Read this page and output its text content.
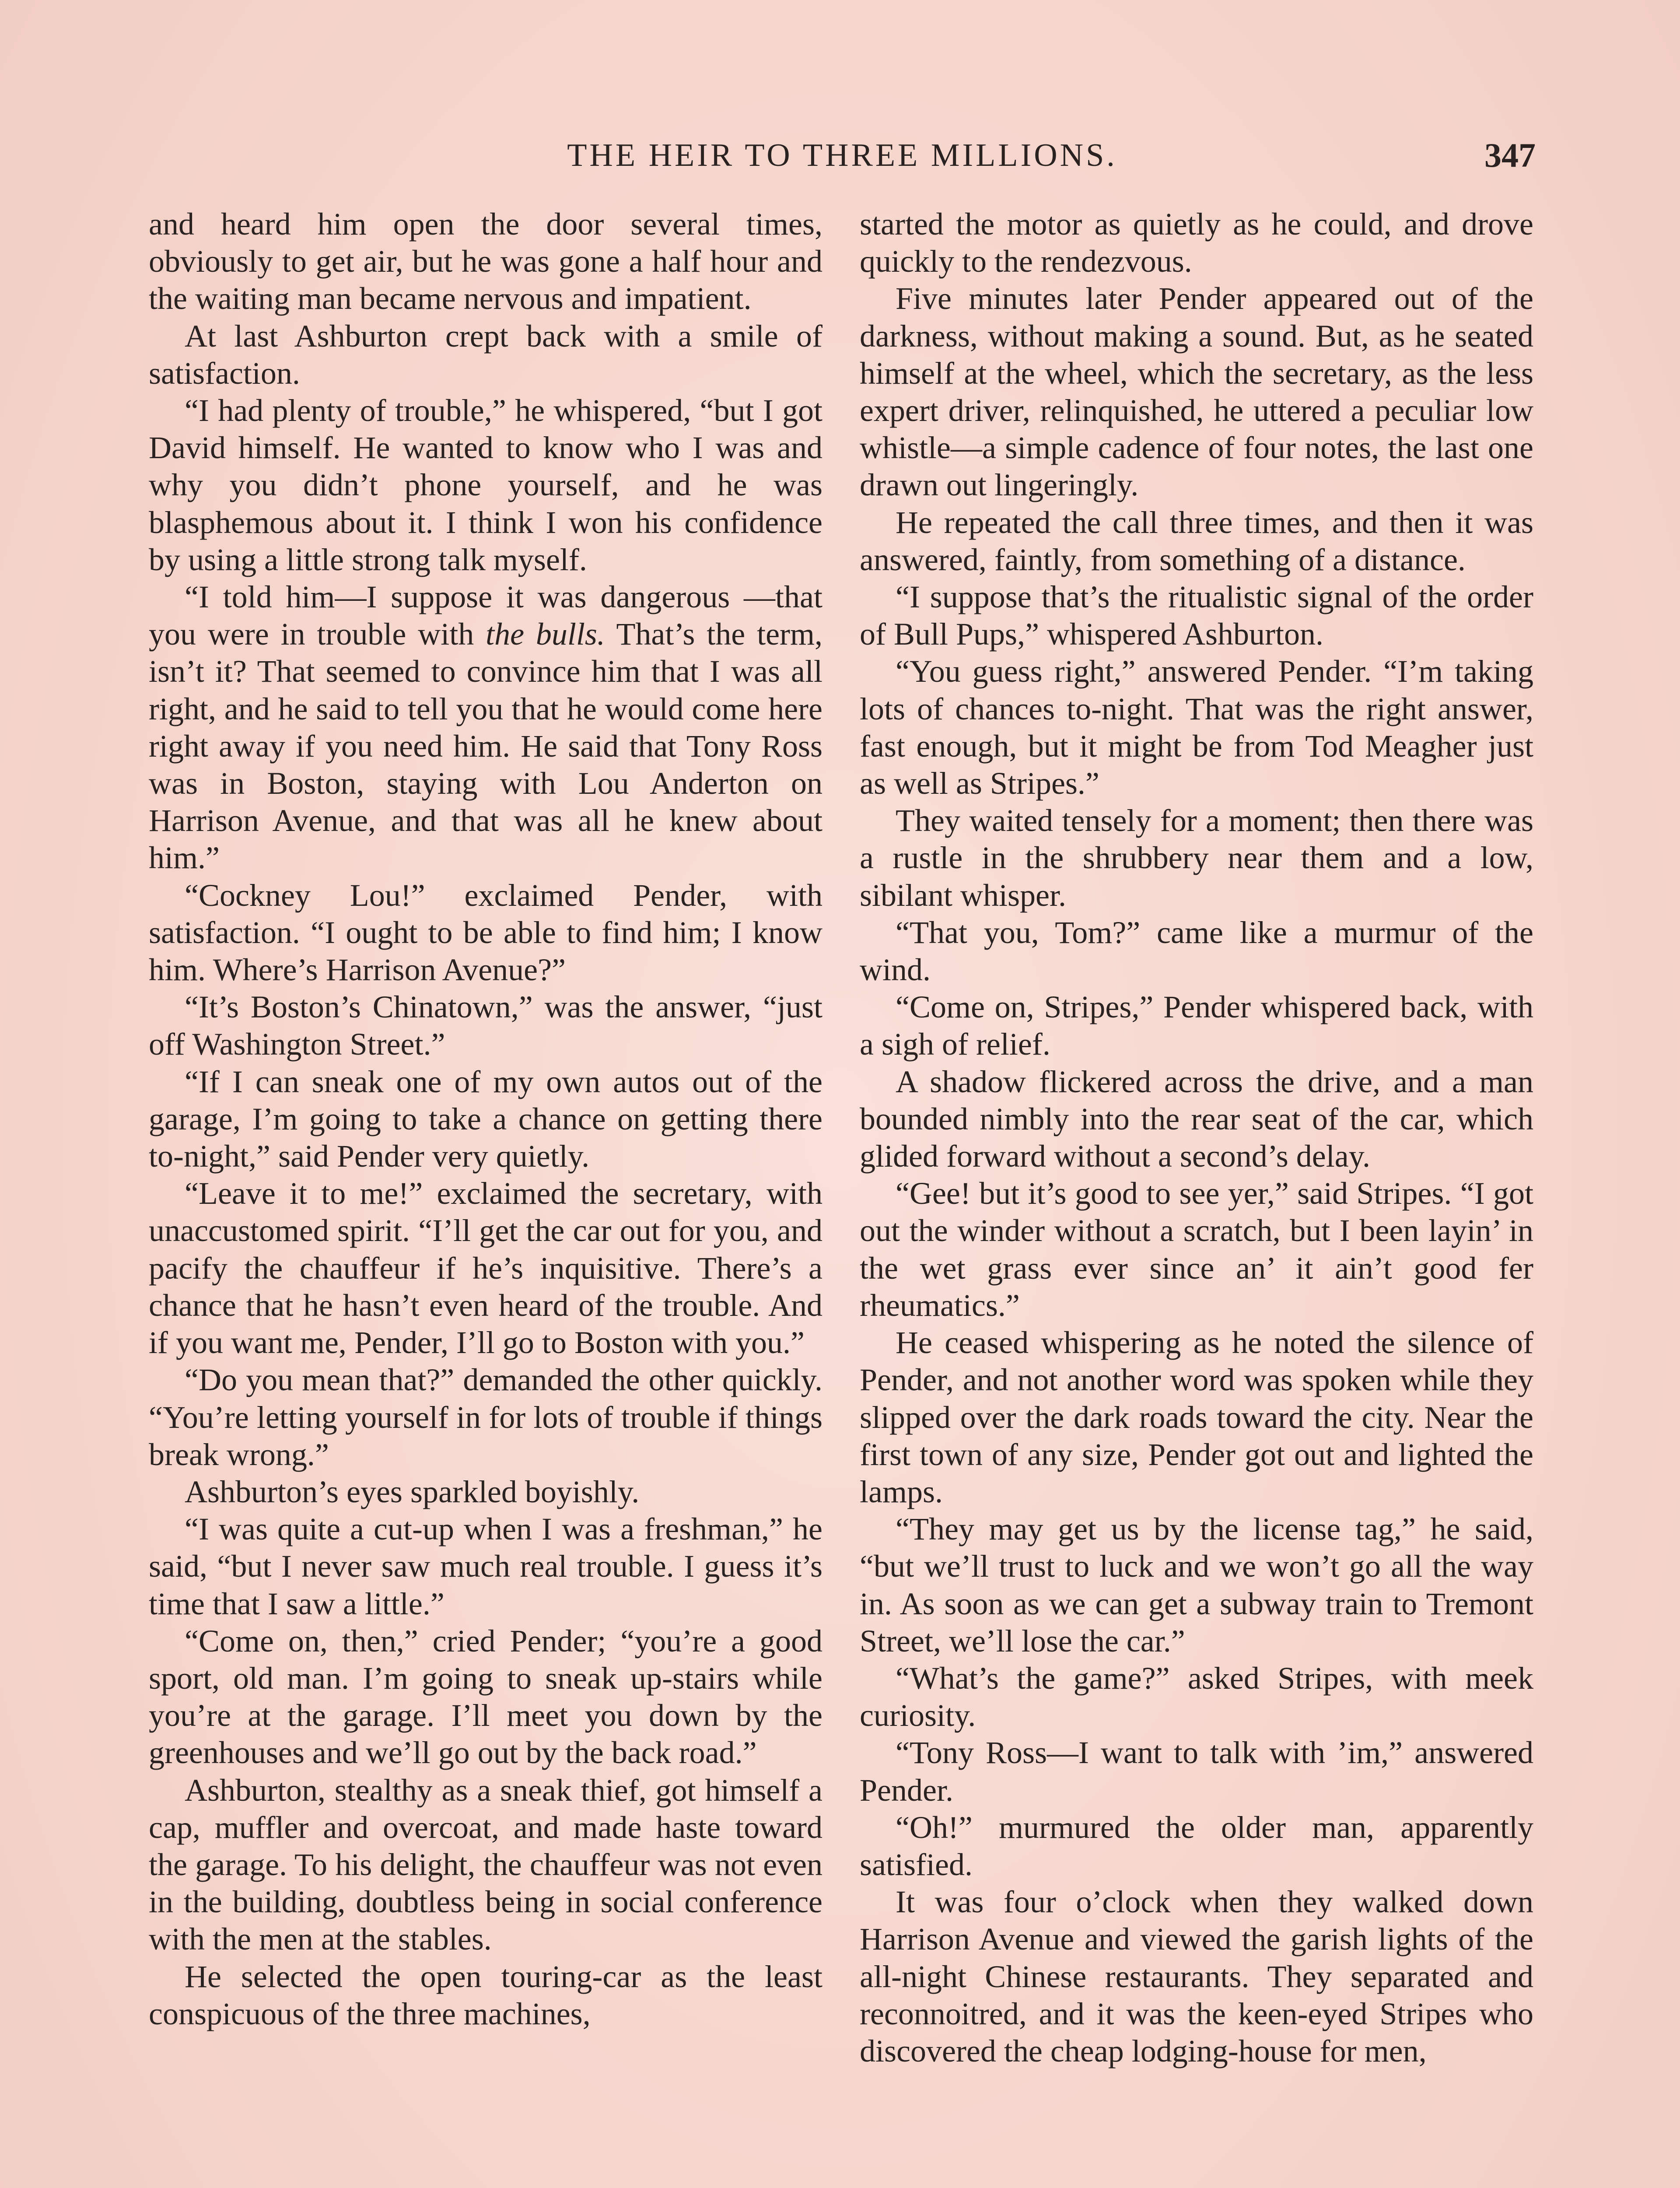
THE HEIR TO THREE MILLIONS.	347

and heard him open the door several times, obviously to get air, but he was gone a half hour and the waiting man became nervous and impatient.

At last Ashburton crept back with a smile of satisfaction.

“I had plenty of trouble,” he whispered, “but I got David himself. He wanted to know who I was and why you didn’t phone yourself, and he was blasphemous about it. I think I won his confidence by using a little strong talk myself.

“I told him—I suppose it was dangerous —that you were in trouble with the bulls. That’s the term, isn’t it? That seemed to convince him that I was all right, and he said to tell you that he would come here right away if you need him. He said that Tony Ross was in Boston, staying with Lou Anderton on Harrison Avenue, and that was all he knew about him.”

“Cockney Lou!” exclaimed Pender, with satisfaction. “I ought to be able to find him; I know him. Where’s Harrison Avenue?”

“It’s Boston’s Chinatown,” was the answer, “just off Washington Street.”

“If I can sneak one of my own autos out of the garage, I’m going to take a chance on getting there to-night,” said Pender very quietly.

“Leave it to me!” exclaimed the secretary, with unaccustomed spirit. “I’ll get the car out for you, and pacify the chauffeur if he’s inquisitive. There’s a chance that he hasn’t even heard of the trouble. And if you want me, Pender, I’ll go to Boston with you.”

“Do you mean that?” demanded the other quickly. “You’re letting yourself in for lots of trouble if things break wrong.”

Ashburton’s eyes sparkled boyishly.

“I was quite a cut-up when I was a freshman,” he said, “but I never saw much real trouble. I guess it’s time that I saw a little.”

“Come on, then,” cried Pender; “you’re a good sport, old man. I’m going to sneak up-stairs while you’re at the garage. I’ll meet you down by the greenhouses and we’ll go out by the back road.”

Ashburton, stealthy as a sneak thief, got himself a cap, muffler and overcoat, and made haste toward the garage. To his delight, the chauffeur was not even in the building, doubtless being in social conference with the men at the stables.

He selected the open touring-car as the least conspicuous of the three machines,

started the motor as quietly as he could, and drove quickly to the rendezvous.

Five minutes later Pender appeared out of the darkness, without making a sound. But, as he seated himself at the wheel, which the secretary, as the less expert driver, relinquished, he uttered a peculiar low whistle—a simple cadence of four notes, the last one drawn out lingeringly.

He repeated the call three times, and then it was answered, faintly, from something of a distance.

“I suppose that’s the ritualistic signal of the order of Bull Pups,” whispered Ashburton.

“You guess right,” answered Pender. “I’m taking lots of chances to-night. That was the right answer, fast enough, but it might be from Tod Meagher just as well as Stripes.”

They waited tensely for a moment; then there was a rustle in the shrubbery near them and a low, sibilant whisper.

“That you, Tom?” came like a murmur of the wind.

“Come on, Stripes,” Pender whispered back, with a sigh of relief.

A shadow flickered across the drive, and a man bounded nimbly into the rear seat of the car, which glided forward without a second’s delay.

“Gee! but it’s good to see yer,” said Stripes. “I got out the winder without a scratch, but I been layin’ in the wet grass ever since an’ it ain’t good fer rheumatics.”

He ceased whispering as he noted the silence of Pender, and not another word was spoken while they slipped over the dark roads toward the city. Near the first town of any size, Pender got out and lighted the lamps.

“They may get us by the license tag,” he said, “but we’ll trust to luck and we won’t go all the way in. As soon as we can get a subway train to Tremont Street, we’ll lose the car.”

“What’s the game?” asked Stripes, with meek curiosity.

“Tony Ross—I want to talk with ’im,” answered Pender.

“Oh!” murmured the older man, apparently satisfied.

It was four o’clock when they walked down Harrison Avenue and viewed the garish lights of the all-night Chinese restaurants. They separated and reconnoitred, and it was the keen-eyed Stripes who discovered the cheap lodging-house for men,
